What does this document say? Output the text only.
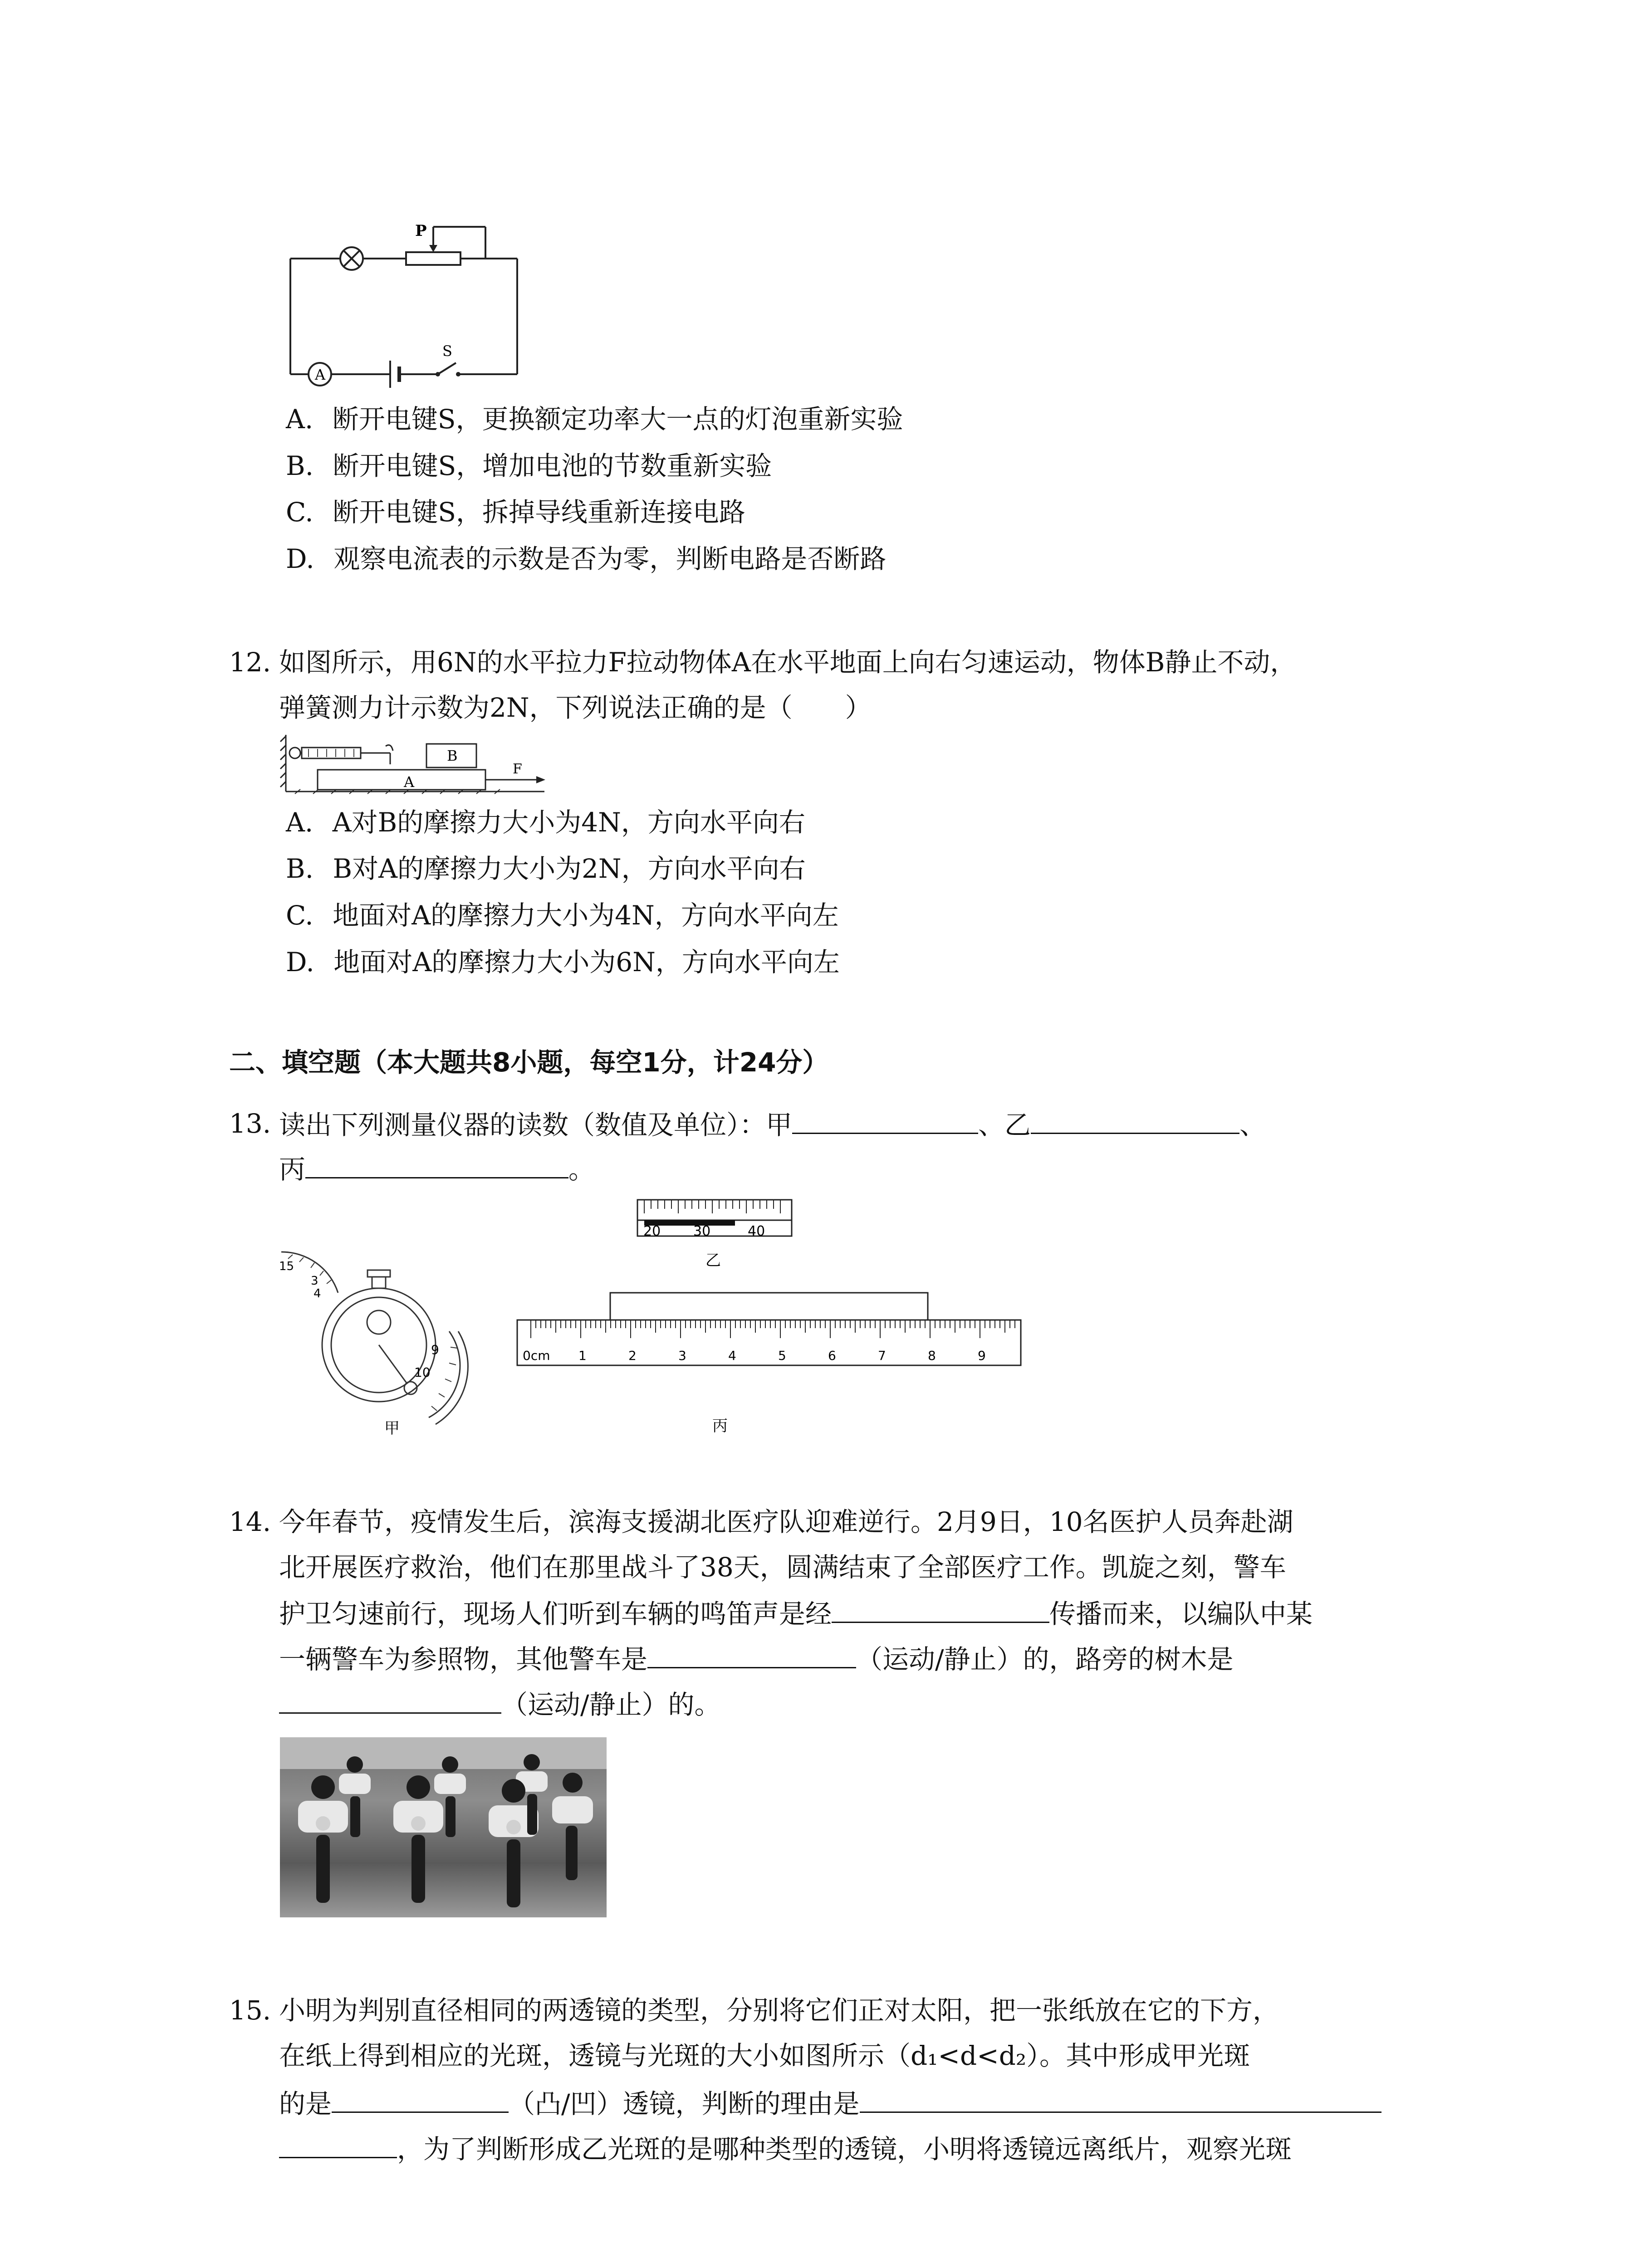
P
S
A
A. 断开电键S，更换额定功率大一点的灯泡重新实验
B. 断开电键S，增加电池的节数重新实验
C. 断开电键S，拆掉导线重新连接电路
D. 观察电流表的示数是否为零，判断电路是否断路
12. 如图所示，用6N的水平拉力F拉动物体A在水平地面上向右匀速运动，物体B静止不动，
弹簧测力计示数为2N，下列说法正确的是（　　）
B
A
F
A. A对B的摩擦力大小为4N，方向水平向右
B. B对A的摩擦力大小为2N，方向水平向右
C. 地面对A的摩擦力大小为4N，方向水平向左
D. 地面对A的摩擦力大小为6N，方向水平向左
二、填空题（本大题共8小题，每空1分，计24分）
13. 读出下列测量仪器的读数（数值及单位）：甲	、乙	、
丙	。
20 30	40
乙
15
3
4
9
10
甲
0cm 1	2	3	4	5	6	7	8	9
丙
14. 今年春节，疫情发生后，滨海支援湖北医疗队迎难逆行。2月9日，10名医护人员奔赴湖
北开展医疗救治，他们在那里战斗了38天，圆满结束了全部医疗工作。凯旋之刻，警车
护卫匀速前行，现场人们听到车辆的鸣笛声是经	传播而来，以编队中某
一辆警车为参照物，其他警车是	（运动/静止）的，路旁的树木是
（运动/静止）的。
15. 小明为判别直径相同的两透镜的类型，分别将它们正对太阳，把一张纸放在它的下方，
在纸上得到相应的光斑，透镜与光斑的大小如图所示（d₁<d<d₂）。其中形成甲光斑
的是	（凸/凹）透镜，判断的理由是
，为了判断形成乙光斑的是哪种类型的透镜，小明将透镜远离纸片，观察光斑
